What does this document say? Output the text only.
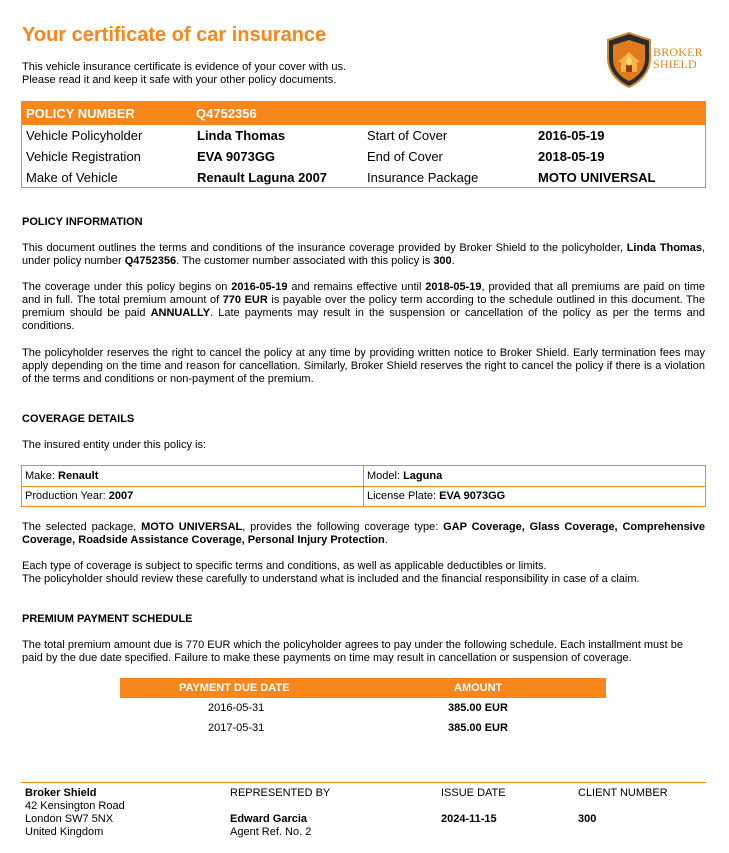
Your certificate of car insurance
This vehicle insurance certificate is evidence of your cover with us.
Please read it and keep it safe with your other policy documents.
BROKER
SHIELD
POLICY NUMBER	Q4752356
Vehicle Policyholder	Linda Thomas	Start of Cover	2016-05-19
Vehicle Registration	EVA 9073GG	End of Cover	2018-05-19
Make of Vehicle	Renault Laguna 2007	Insurance Package	MOTO UNIVERSAL
POLICY INFORMATION
This document outlines the terms and conditions of the insurance coverage provided by Broker Shield to the policyholder, Linda Thomas, under policy number Q4752356. The customer number associated with this policy is 300.
The coverage under this policy begins on 2016-05-19 and remains effective until 2018-05-19, provided that all premiums are paid on time and in full. The total premium amount of 770 EUR is payable over the policy term according to the schedule outlined in this document. The premium should be paid ANNUALLY. Late payments may result in the suspension or cancellation of the policy as per the terms and conditions.
The policyholder reserves the right to cancel the policy at any time by providing written notice to Broker Shield. Early termination fees may apply depending on the time and reason for cancellation. Similarly, Broker Shield reserves the right to cancel the policy if there is a violation of the terms and conditions or non-payment of the premium.
COVERAGE DETAILS
The insured entity under this policy is:
Make: Renault	Model: Laguna
Production Year: 2007	License Plate: EVA 9073GG
The selected package, MOTO UNIVERSAL, provides the following coverage type: GAP Coverage, Glass Coverage, Comprehensive Coverage, Roadside Assistance Coverage, Personal Injury Protection.
Each type of coverage is subject to specific terms and conditions, as well as applicable deductibles or limits.
The policyholder should review these carefully to understand what is included and the financial responsibility in case of a claim.
PREMIUM PAYMENT SCHEDULE
The total premium amount due is 770 EUR which the policyholder agrees to pay under the following schedule. Each installment must be paid by the due date specified. Failure to make these payments on time may result in cancellation or suspension of coverage.
PAYMENT DUE DATE	AMOUNT
2016-05-31	385.00 EUR
2017-05-31	385.00 EUR
Broker Shield
42 Kensington Road
London SW7 5NX
United Kingdom
REPRESENTED BY
Edward Garcia
Agent Ref. No. 2
ISSUE DATE
2024-11-15
CLIENT NUMBER
300
